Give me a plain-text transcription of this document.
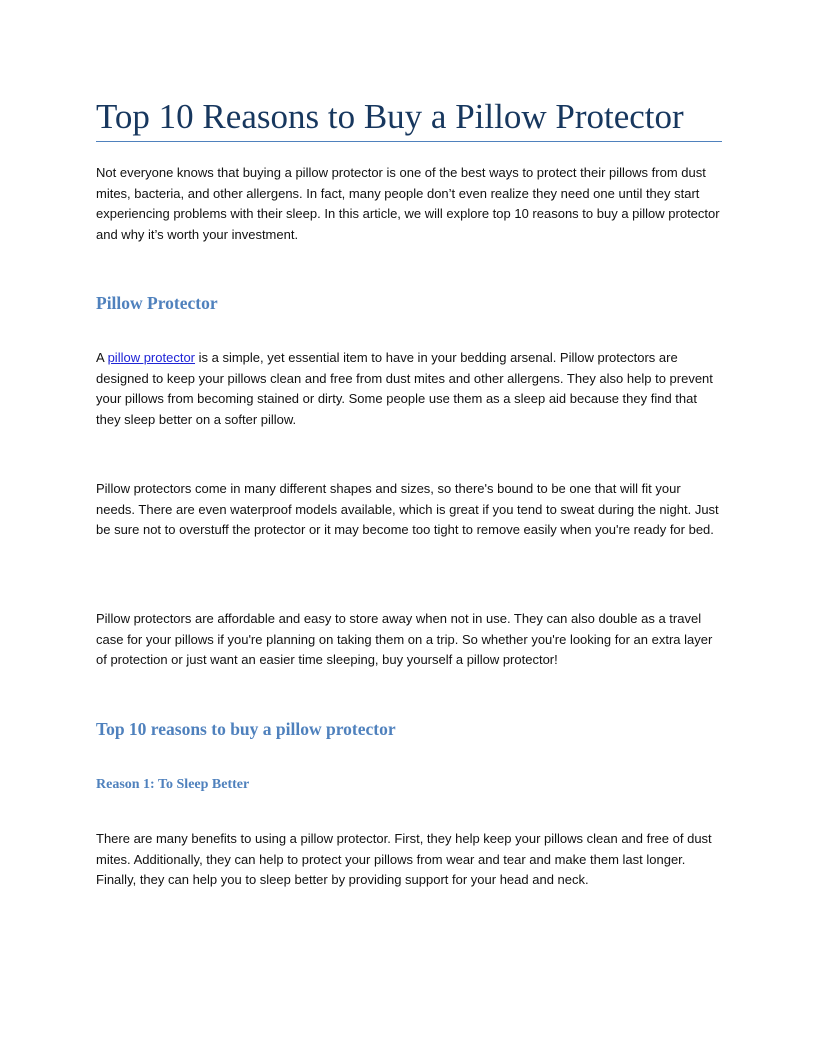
Top 10 Reasons to Buy a Pillow Protector

Not everyone knows that buying a pillow protector is one of the best ways to protect their pillows from dust mites, bacteria, and other allergens. In fact, many people don’t even realize they need one until they start experiencing problems with their sleep. In this article, we will explore top 10 reasons to buy a pillow protector and why it’s worth your investment.

Pillow Protector

A pillow protector is a simple, yet essential item to have in your bedding arsenal. Pillow protectors are designed to keep your pillows clean and free from dust mites and other allergens. They also help to prevent your pillows from becoming stained or dirty. Some people use them as a sleep aid because they find that they sleep better on a softer pillow.

Pillow protectors come in many different shapes and sizes, so there's bound to be one that will fit your needs. There are even waterproof models available, which is great if you tend to sweat during the night. Just be sure not to overstuff the protector or it may become too tight to remove easily when you're ready for bed.

Pillow protectors are affordable and easy to store away when not in use. They can also double as a travel case for your pillows if you're planning on taking them on a trip. So whether you're looking for an extra layer of protection or just want an easier time sleeping, buy yourself a pillow protector!

Top 10 reasons to buy a pillow protector
Reason 1: To Sleep Better

There are many benefits to using a pillow protector. First, they help keep your pillows clean and free of dust mites. Additionally, they can help to protect your pillows from wear and tear and make them last longer. Finally, they can help you to sleep better by providing support for your head and neck.
